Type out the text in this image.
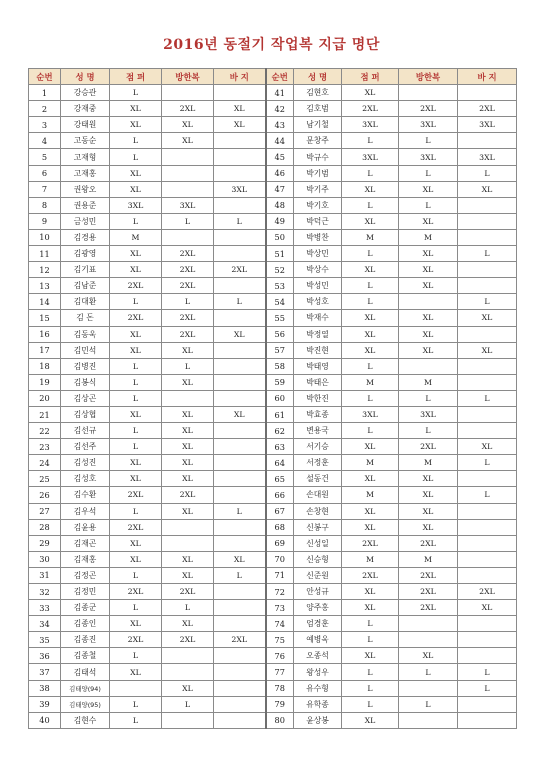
2016년 동절기 작업복 지급 명단
순번	성 명	점 퍼	방한복	바 지	순번	성 명	점 퍼	방한복	바 지
1	강승관	L			41	김현호	XL		
2	강재중	XL	2XL	XL	42	김호범	2XL	2XL	2XL
3	강태원	XL	XL	XL	43	남기철	3XL	3XL	3XL
4	고동순	L	XL		44	문창주	L	L	
5	고재형	L			45	박규수	3XL	3XL	3XL
6	고재홍	XL			46	박기범	L	L	L
7	권왕오	XL		3XL	47	박기주	XL	XL	XL
8	권용준	3XL	3XL		48	박기호	L	L	
9	금성민	L	L	L	49	박덕근	XL	XL	
10	김경용	M			50	박병찬	M	M	
11	김광영	XL	2XL		51	박상민	L	XL	L
12	김기표	XL	2XL	2XL	52	박상수	XL	XL	
13	김남준	2XL	2XL		53	박성민	L	XL	
14	김대환	L	L	L	54	박성호	L		L
15	김 돈	2XL	2XL		55	박재수	XL	XL	XL
16	김동욱	XL	2XL	XL	56	박정열	XL	XL	
17	김민석	XL	XL		57	박진현	XL	XL	XL
18	김병진	L	L		58	박태영	L		
19	김봉식	L	XL		59	박태은	M	M	
20	김상곤	L			60	박한진	L	L	L
21	김상협	XL	XL	XL	61	박효종	3XL	3XL	
22	김선규	L	XL		62	변용국	L	L	
23	김선주	L	XL		63	서기승	XL	2XL	XL
24	김성진	XL	XL		64	서정훈	M	M	L
25	김성호	XL	XL		65	설동건	XL	XL	
26	김수환	2XL	2XL		66	손대원	M	XL	L
27	김우석	L	XL	L	67	손창현	XL	XL	
28	김윤용	2XL			68	신봉구	XL	XL	
29	김재곤	XL			69	신성일	2XL	2XL	
30	김재홍	XL	XL	XL	70	신승형	M	M	
31	김정곤	L	XL	L	71	신준원	2XL	2XL	
32	김정민	2XL	2XL		72	안성규	XL	2XL	2XL
33	김종군	L	L		73	양주홍	XL	2XL	XL
34	김종인	XL	XL		74	엄경훈	L		
35	김종진	2XL	2XL	2XL	75	예병욱	L		
36	김종철	L			76	오종석	XL	XL	
37	김태석	XL			77	왕성우	L	L	L
38	김태양(94)		XL		78	유수형	L		L
39	김태양(95)	L	L		79	유학종	L	L	
40	김현수	L			80	윤상봉	XL		
